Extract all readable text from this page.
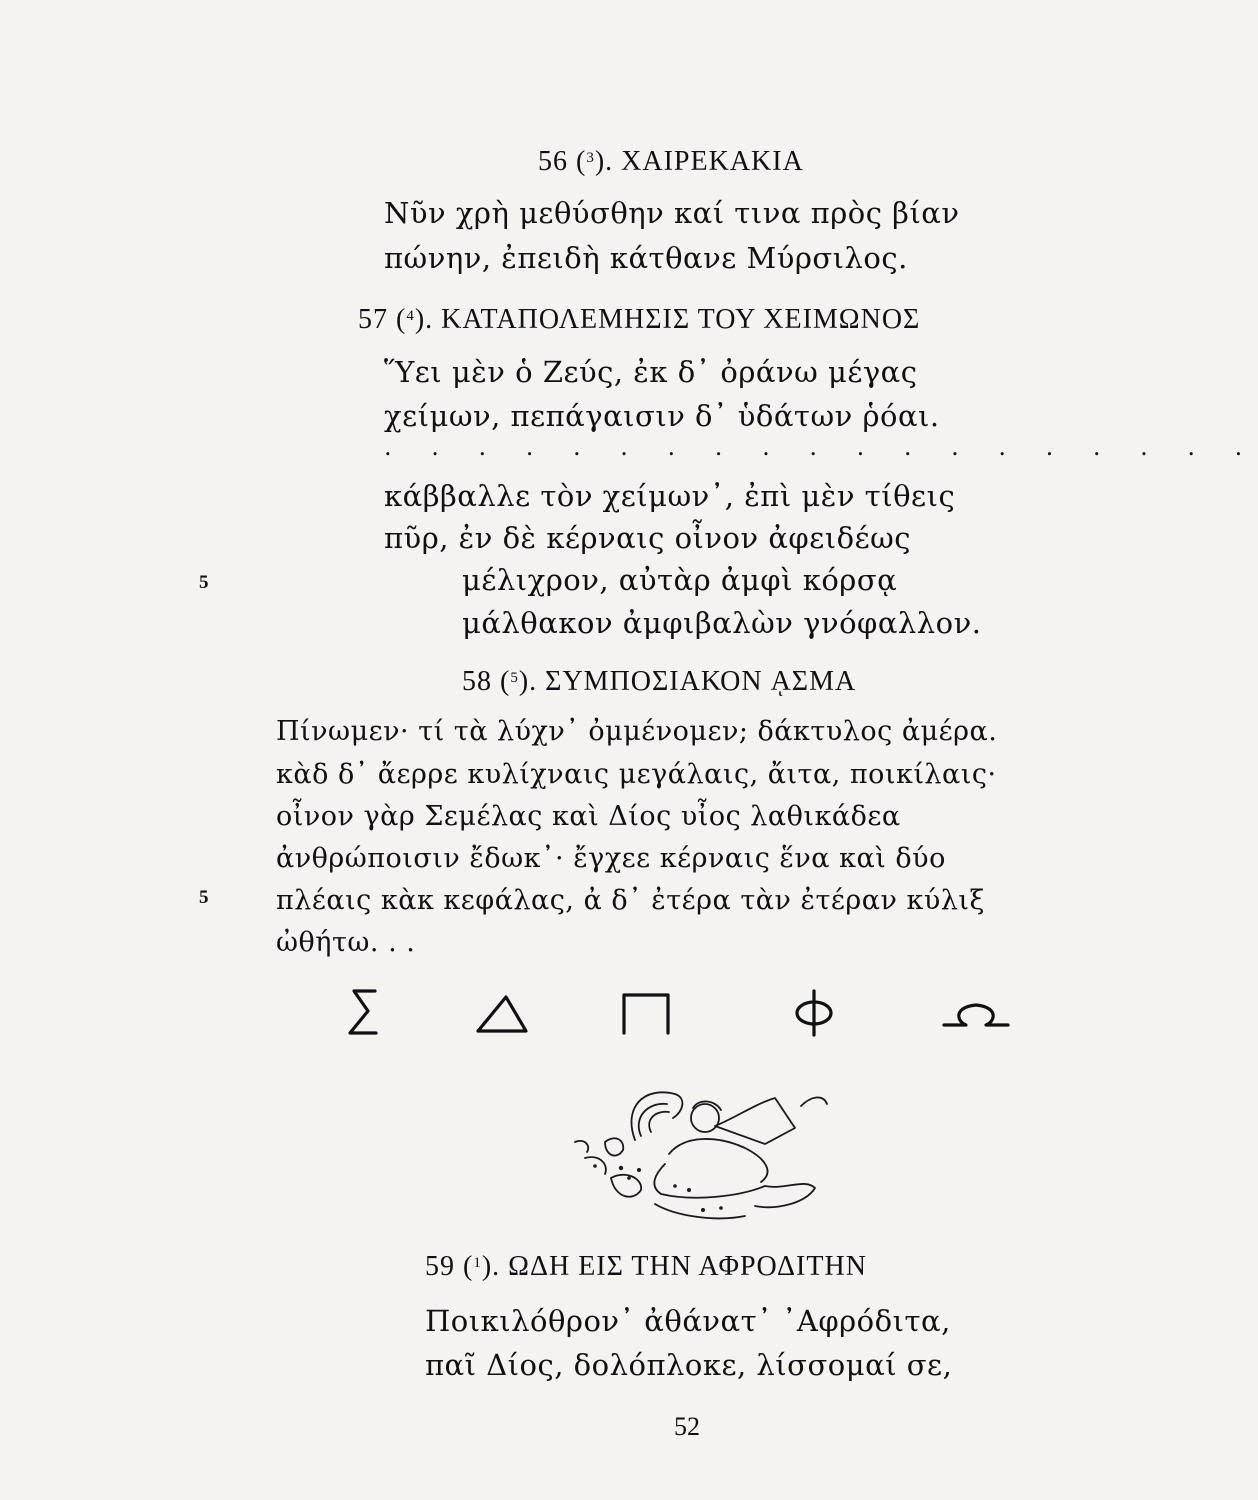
56 ($^3$). ΧΑΙΡΕΚΑΚΙΑ
Νῦν χρὴ μεθύσθην καί τινα πρὸς βίαν
πώνην, ἐπειδὴ κάτθανε Μύρσιλος.
57 ($^4$). ΚΑΤΑΠΟΛΕΜΗΣΙΣ ΤΟΥ ΧΕΙΜΩΝΟΣ
Ὕει μὲν ὁ Ζεύς, ἐκ δ᾽ ὀράνω μέγας
χείμων, πεπάγαισιν δ᾽ ὑδάτων ῥόαι.
. . . . . . . . . . . . . . . . . . .
κάββαλλε τὸν χείμων᾽, ἐπὶ μὲν τίθεις
πῦρ, ἐν δὲ κέρναις οἶνον ἀφειδέως
5	μέλιχρον, αὐτὰρ ἀμφὶ κόρσᾳ
μάλθακον ἀμφιβαλὼν γνόφαλλον.
58 ($^5$). ΣΥΜΠΟΣΙΑΚΟΝ ᾼΣΜΑ
Πίνωμεν· τί τὰ λύχν᾽ ὀμμένομεν; δάκτυλος ἀμέρα.
κὰδ δ᾽ ἄερρε κυλίχναις μεγάλαις, ἄιτα, ποικίλαις·
οἶνον γὰρ Σεμέλας καὶ Δίος υἶος λαθικάδεα
ἀνθρώποισιν ἔδωκ᾽· ἔγχεε κέρναις ἕνα καὶ δύο
5	πλέαις κὰκ κεφάλας, ἀ δ᾽ ἐτέρα τὰν ἐτέραν κύλιξ
ὠθήτω. . .
59 ($^1$). ΩΔΗ ΕΙΣ ΤΗΝ ΑΦΡΟΔΙΤΗΝ
Ποικιλόθρον᾽ ἀθάνατ᾽ ᾿Αφρόδιτα,
παῖ Δίος, δολόπλοκε, λίσσομαί σε,
52
